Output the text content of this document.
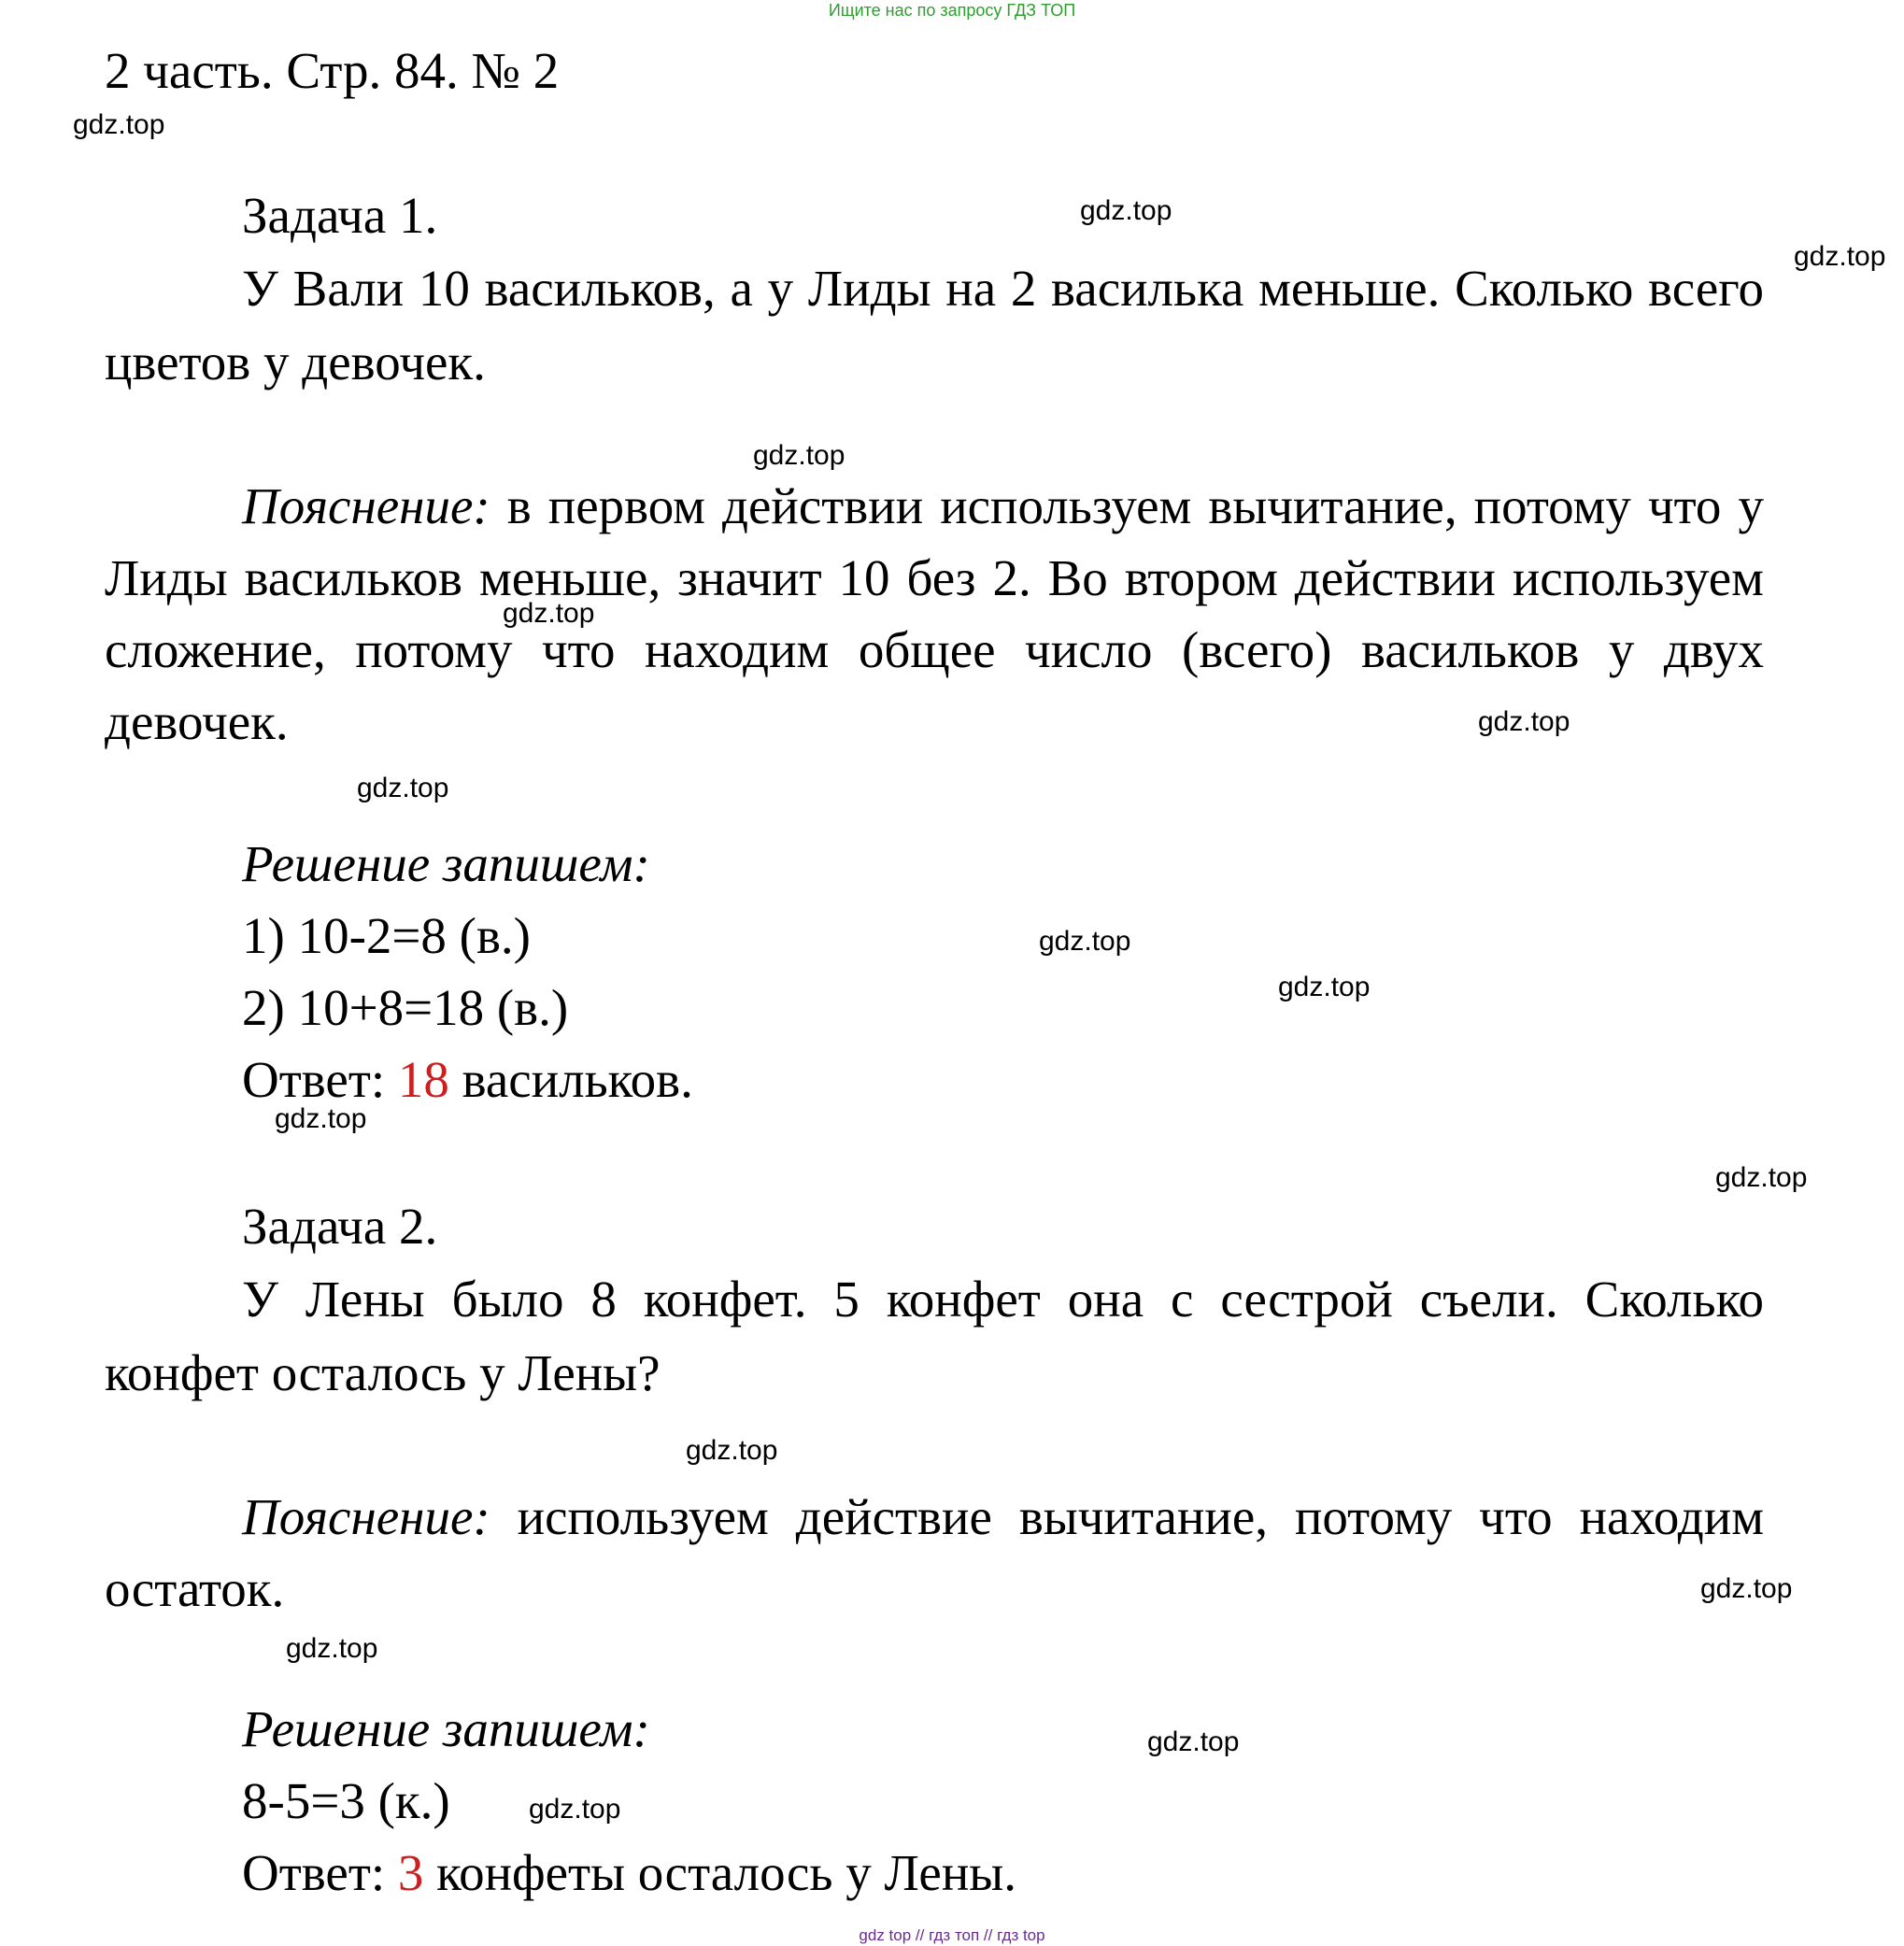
Ищите нас по запросу ГДЗ ТОП
2 часть. Стр. 84. № 2
Задача 1.
У Вали 10 васильков, а у Лиды на 2 василька меньше. Сколько всего цветов у девочек.
Пояснение: в первом действии используем вычитание, потому что у Лиды васильков меньше, значит 10 без 2. Во втором действии используем сложение, потому что находим общее число (всего) васильков у двух девочек.
Решение запишем:
1) 10-2=8 (в.)
2) 10+8=18 (в.)
Ответ: 18 васильков.
Задача 2.
У Лены было 8 конфет. 5 конфет она с сестрой съели. Сколько конфет осталось у Лены?
Пояснение: используем действие вычитание, потому что находим остаток.
Решение запишем:
8-5=3 (к.)
Ответ: 3 конфеты осталось у Лены.
gdz.top
gdz.top
gdz.top
gdz.top
gdz.top
gdz.top
gdz.top
gdz.top
gdz.top
gdz.top
gdz.top
gdz.top
gdz.top
gdz.top
gdz.top
gdz.top
gdz top // гдз топ // гдз top
